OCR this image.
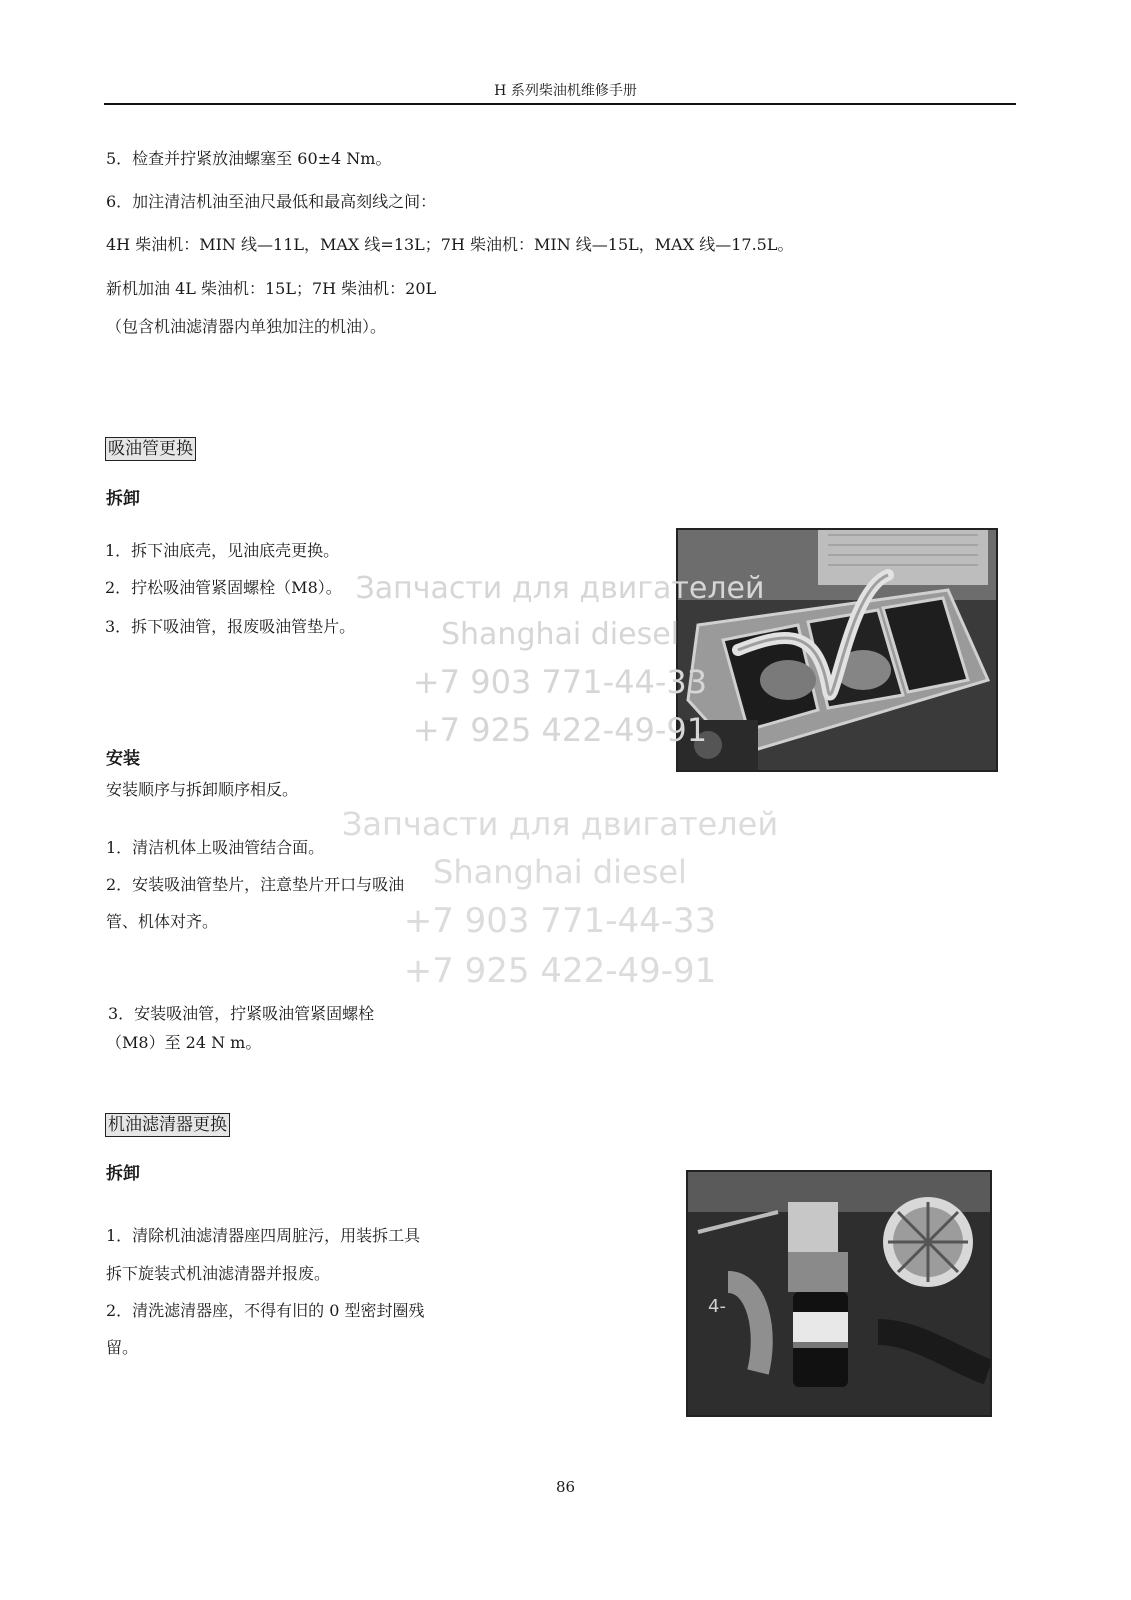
H 系列柴油机维修手册
5．检查并拧紧放油螺塞至 60±4 Nm。
6．加注清洁机油至油尺最低和最高刻线之间：
4H 柴油机：MIN 线—11L，MAX 线=13L；7H 柴油机：MIN 线—15L，MAX 线—17.5L。
新机加油 4L 柴油机：15L；7H 柴油机：20L
（包含机油滤清器内单独加注的机油）。
吸油管更换
拆卸
1．拆下油底壳，见油底壳更换。
2．拧松吸油管紧固螺栓（M8）。
3．拆下吸油管，报废吸油管垫片。
安装
安装顺序与拆卸顺序相反。
1．清洁机体上吸油管结合面。
2．安装吸油管垫片，注意垫片开口与吸油
管、机体对齐。
3．安装吸油管，拧紧吸油管紧固螺栓
（M8）至 24 N m。
机油滤清器更换
拆卸
1．清除机油滤清器座四周脏污，用装拆工具
拆下旋装式机油滤清器并报废。
2．清洗滤清器座，不得有旧的 0 型密封圈残
留。
4-
Запчасти для двигателей
Shanghai diesel
+7 903 771-44-33
+7 925 422-49-91
Запчасти для двигателей
Shanghai diesel
+7 903 771-44-33
+7 925 422-49-91
86
